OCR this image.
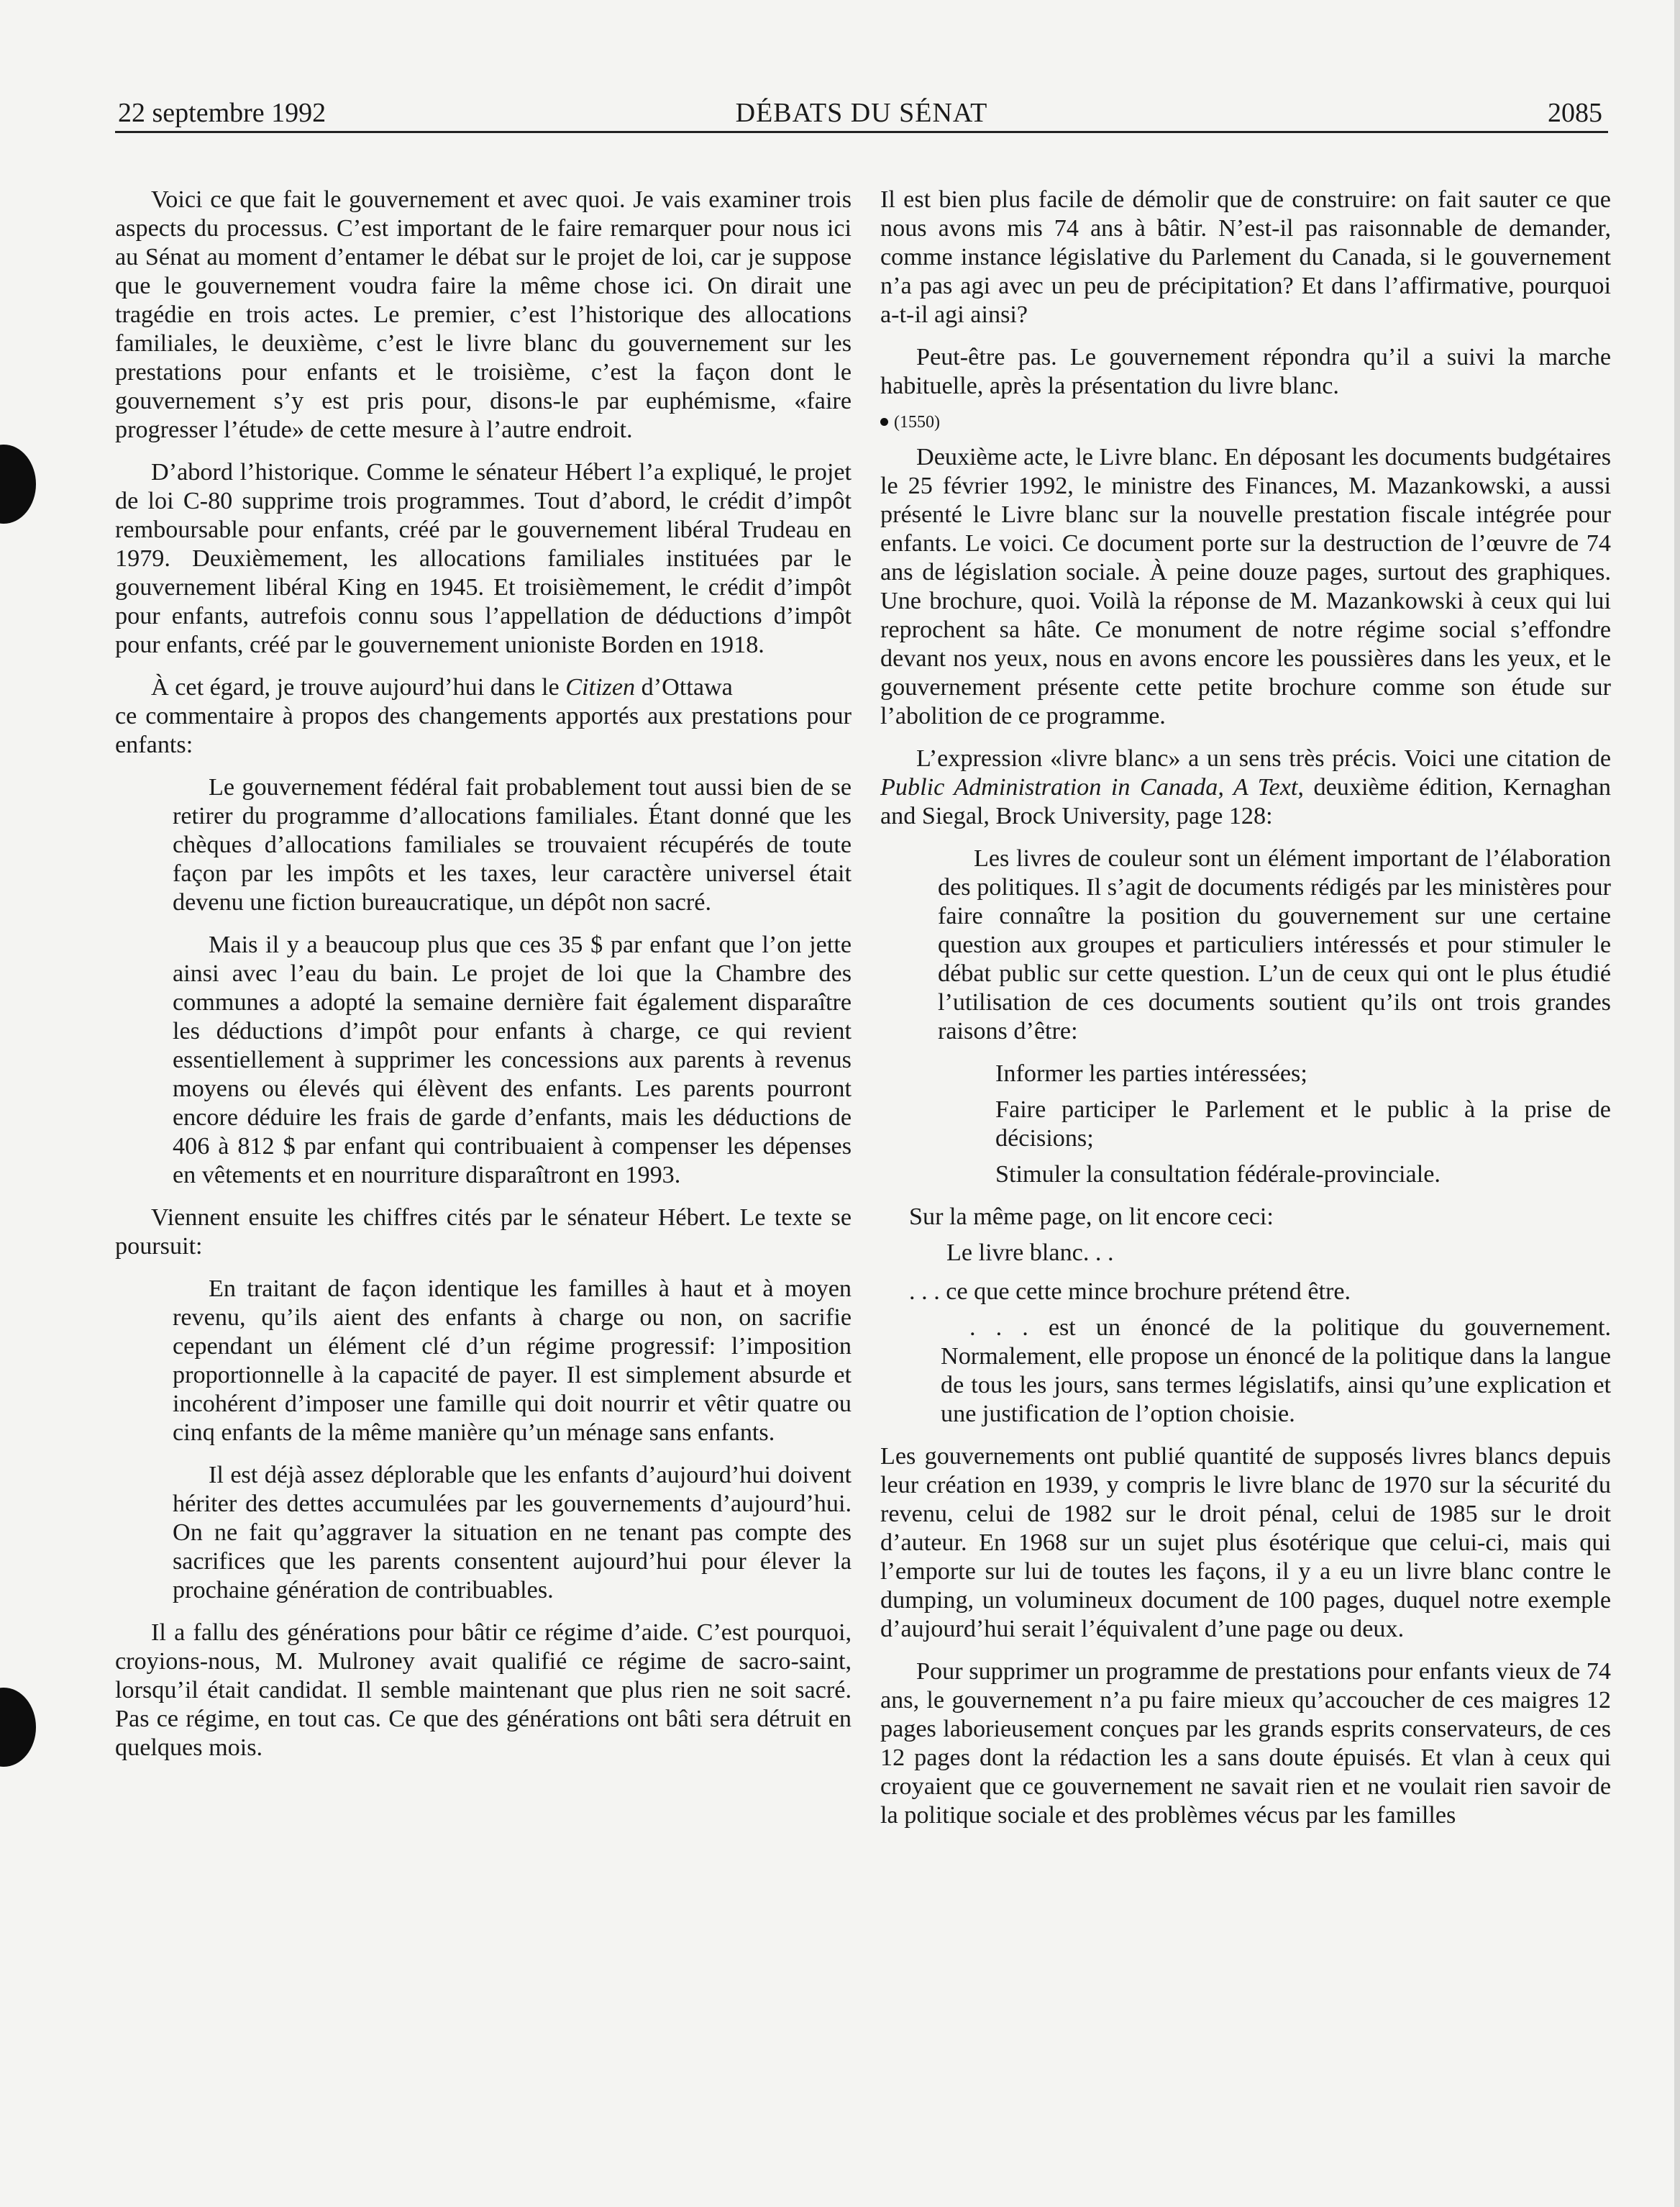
22 septembre 1992	DÉBATS DU SÉNAT	2085

Voici ce que fait le gouvernement et avec quoi. Je vais examiner trois aspects du processus. C’est important de le faire remarquer pour nous ici au Sénat au moment d’entamer le débat sur le projet de loi, car je suppose que le gouvernement voudra faire la même chose ici. On dirait une tragédie en trois actes. Le premier, c’est l’historique des allocations familiales, le deuxième, c’est le livre blanc du gouvernement sur les prestations pour enfants et le troisième, c’est la façon dont le gouvernement s’y est pris pour, disons-le par euphémisme, «faire progresser l’étude» de cette mesure à l’autre endroit.

D’abord l’historique. Comme le sénateur Hébert l’a expliqué, le projet de loi C-80 supprime trois programmes. Tout d’abord, le crédit d’impôt remboursable pour enfants, créé par le gouvernement libéral Trudeau en 1979. Deuxièmement, les allocations familiales instituées par le gouvernement libéral King en 1945. Et troisièmement, le crédit d’impôt pour enfants, autrefois connu sous l’appellation de déductions d’impôt pour enfants, créé par le gouvernement unioniste Borden en 1918.

À cet égard, je trouve aujourd’hui dans le Citizen d’Ottawa

ce commentaire à propos des changements apportés aux prestations pour enfants:

Le gouvernement fédéral fait probablement tout aussi bien de se retirer du programme d’allocations familiales. Étant donné que les chèques d’allocations familiales se trouvaient récupérés de toute façon par les impôts et les taxes, leur caractère universel était devenu une fiction bureaucratique, un dépôt non sacré.

Mais il y a beaucoup plus que ces 35 $ par enfant que l’on jette ainsi avec l’eau du bain. Le projet de loi que la Chambre des communes a adopté la semaine dernière fait également disparaître les déductions d’impôt pour enfants à charge, ce qui revient essentiellement à supprimer les concessions aux parents à revenus moyens ou élevés qui élèvent des enfants. Les parents pourront encore déduire les frais de garde d’enfants, mais les déductions de 406 à 812 $ par enfant qui contribuaient à compenser les dépenses en vêtements et en nourriture disparaîtront en 1993.

Viennent ensuite les chiffres cités par le sénateur Hébert. Le texte se poursuit:

En traitant de façon identique les familles à haut et à moyen revenu, qu’ils aient des enfants à charge ou non, on sacrifie cependant un élément clé d’un régime progressif: l’imposition proportionnelle à la capacité de payer. Il est simplement absurde et incohérent d’imposer une famille qui doit nourrir et vêtir quatre ou cinq enfants de la même manière qu’un ménage sans enfants.

Il est déjà assez déplorable que les enfants d’aujourd’hui doivent hériter des dettes accumulées par les gouvernements d’aujourd’hui. On ne fait qu’aggraver la situation en ne tenant pas compte des sacrifices que les parents consentent aujourd’hui pour élever la prochaine génération de contribuables.

Il a fallu des générations pour bâtir ce régime d’aide. C’est pourquoi, croyions-nous, M. Mulroney avait qualifié ce régime de sacro-saint, lorsqu’il était candidat. Il semble maintenant que plus rien ne soit sacré. Pas ce régime, en tout cas. Ce que des générations ont bâti sera détruit en quelques mois.

Il est bien plus facile de démolir que de construire: on fait sauter ce que nous avons mis 74 ans à bâtir. N’est-il pas raisonnable de demander, comme instance législative du Parlement du Canada, si le gouvernement n’a pas agi avec un peu de précipitation? Et dans l’affirmative, pourquoi a-t-il agi ainsi?

Peut-être pas. Le gouvernement répondra qu’il a suivi la marche habituelle, après la présentation du livre blanc.

(1550)

Deuxième acte, le Livre blanc. En déposant les documents budgétaires le 25 février 1992, le ministre des Finances, M. Mazankowski, a aussi présenté le Livre blanc sur la nouvelle prestation fiscale intégrée pour enfants. Le voici. Ce document porte sur la destruction de l’œuvre de 74 ans de législation sociale. À peine douze pages, surtout des graphiques. Une brochure, quoi. Voilà la réponse de M. Mazankowski à ceux qui lui reprochent sa hâte. Ce monument de notre régime social s’effondre devant nos yeux, nous en avons encore les poussières dans les yeux, et le gouvernement présente cette petite brochure comme son étude sur l’abolition de ce programme.

L’expression «livre blanc» a un sens très précis. Voici une citation de Public Administration in Canada, A Text, deuxième édition, Kernaghan and Siegal, Brock University, page 128:

Les livres de couleur sont un élément important de l’élaboration des politiques. Il s’agit de documents rédigés par les ministères pour faire connaître la position du gouvernement sur une certaine question aux groupes et particuliers intéressés et pour stimuler le débat public sur cette question. L’un de ceux qui ont le plus étudié l’utilisation de ces documents soutient qu’ils ont trois grandes raisons d’être:

Informer les parties intéressées;

Faire participer le Parlement et le public à la prise de décisions;

Stimuler la consultation fédérale-provinciale.

Sur la même page, on lit encore ceci:

Le livre blanc. . .

. . . ce que cette mince brochure prétend être.

. . . est un énoncé de la politique du gouvernement. Normalement, elle propose un énoncé de la politique dans la langue de tous les jours, sans termes législatifs, ainsi qu’une explication et une justification de l’option choisie.

Les gouvernements ont publié quantité de supposés livres blancs depuis leur création en 1939, y compris le livre blanc de 1970 sur la sécurité du revenu, celui de 1982 sur le droit pénal, celui de 1985 sur le droit d’auteur. En 1968 sur un sujet plus ésotérique que celui-ci, mais qui l’emporte sur lui de toutes les façons, il y a eu un livre blanc contre le dumping, un volumineux document de 100 pages, duquel notre exemple d’aujourd’hui serait l’équivalent d’une page ou deux.

Pour supprimer un programme de prestations pour enfants vieux de 74 ans, le gouvernement n’a pu faire mieux qu’accoucher de ces maigres 12 pages laborieusement conçues par les grands esprits conservateurs, de ces 12 pages dont la rédaction les a sans doute épuisés. Et vlan à ceux qui croyaient que ce gouvernement ne savait rien et ne voulait rien savoir de la politique sociale et des problèmes vécus par les familles
